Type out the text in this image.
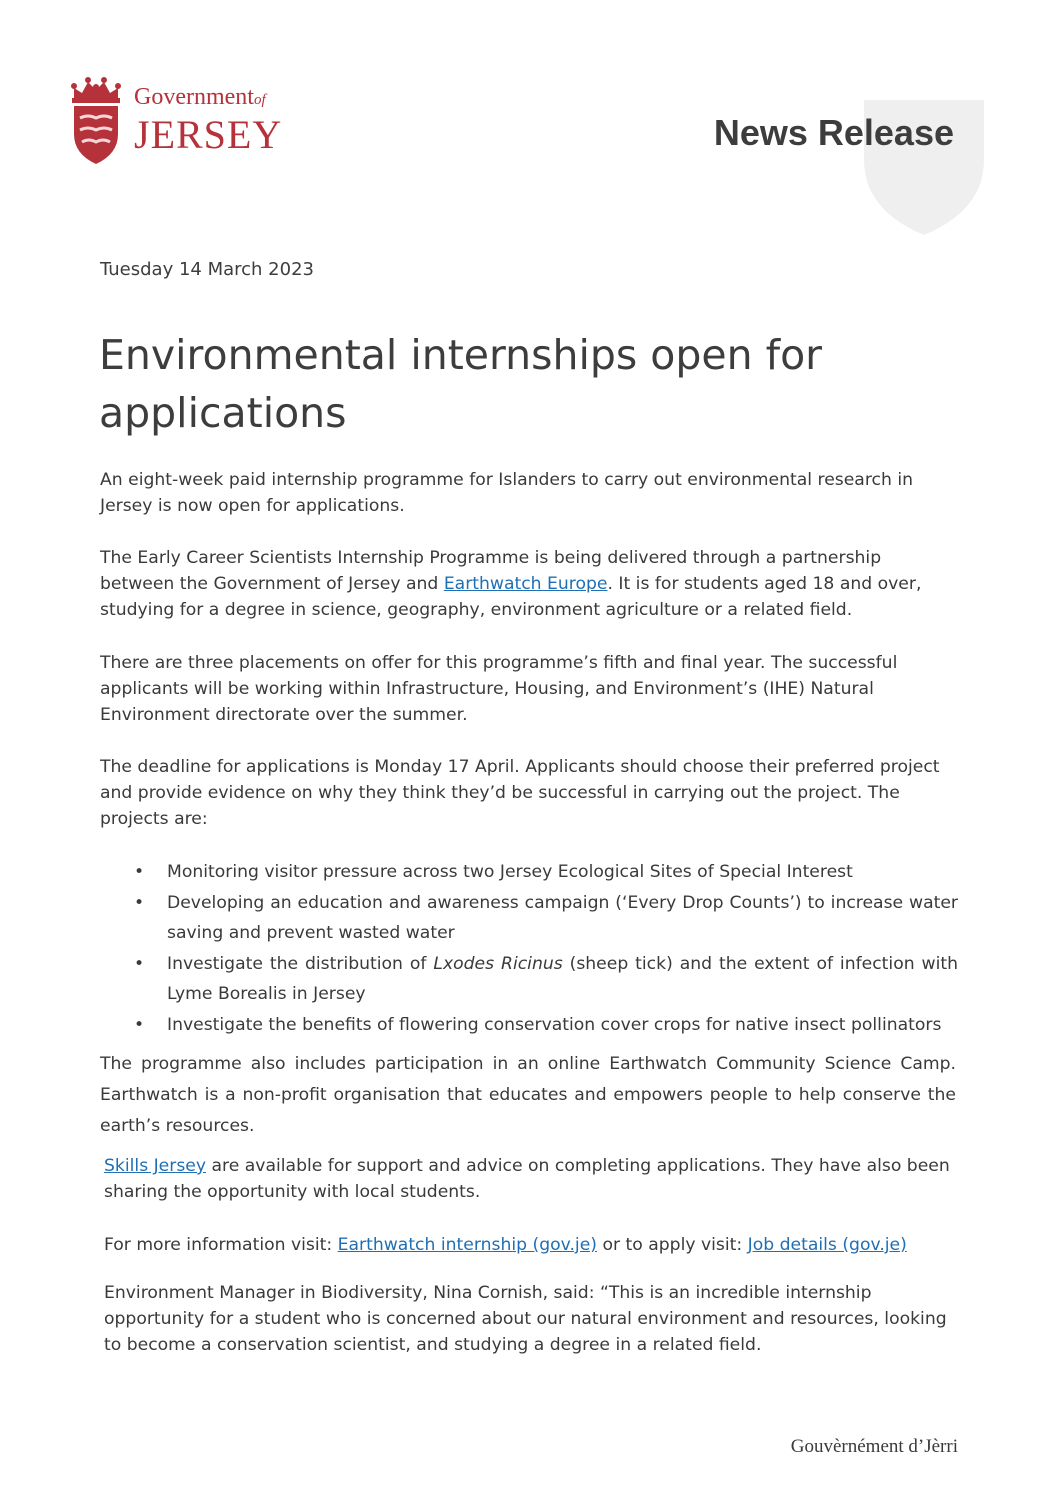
Governmentof
JERSEY	News Release
Tuesday 14 March 2023
Environmental internships open for applications

An eight-week paid internship programme for Islanders to carry out environmental research in Jersey is now open for applications.

The Early Career Scientists Internship Programme is being delivered through a partnership between the Government of Jersey and Earthwatch Europe. It is for students aged 18 and over, studying for a degree in science, geography, environment agriculture or a related field.

There are three placements on offer for this programme’s fifth and final year. The successful applicants will be working within Infrastructure, Housing, and Environment’s (IHE) Natural Environment directorate over the summer.

The deadline for applications is Monday 17 April. Applicants should choose their preferred project and provide evidence on why they think they’d be successful in carrying out the project. The projects are:

• Monitoring visitor pressure across two Jersey Ecological Sites of Special Interest
• Developing an education and awareness campaign (‘Every Drop Counts’) to increase water saving and prevent wasted water
• Investigate the distribution of Lxodes Ricinus (sheep tick) and the extent of infection with Lyme Borealis in Jersey
• Investigate the benefits of flowering conservation cover crops for native insect pollinators

The programme also includes participation in an online Earthwatch Community Science Camp. Earthwatch is a non-profit organisation that educates and empowers people to help conserve the earth’s resources.

Skills Jersey are available for support and advice on completing applications. They have also been sharing the opportunity with local students.

For more information visit: Earthwatch internship (gov.je) or to apply visit: Job details (gov.je)

Environment Manager in Biodiversity, Nina Cornish, said: “This is an incredible internship opportunity for a student who is concerned about our natural environment and resources, looking to become a conservation scientist, and studying a degree in a related field.

Gouvèrnément d’Jèrri
